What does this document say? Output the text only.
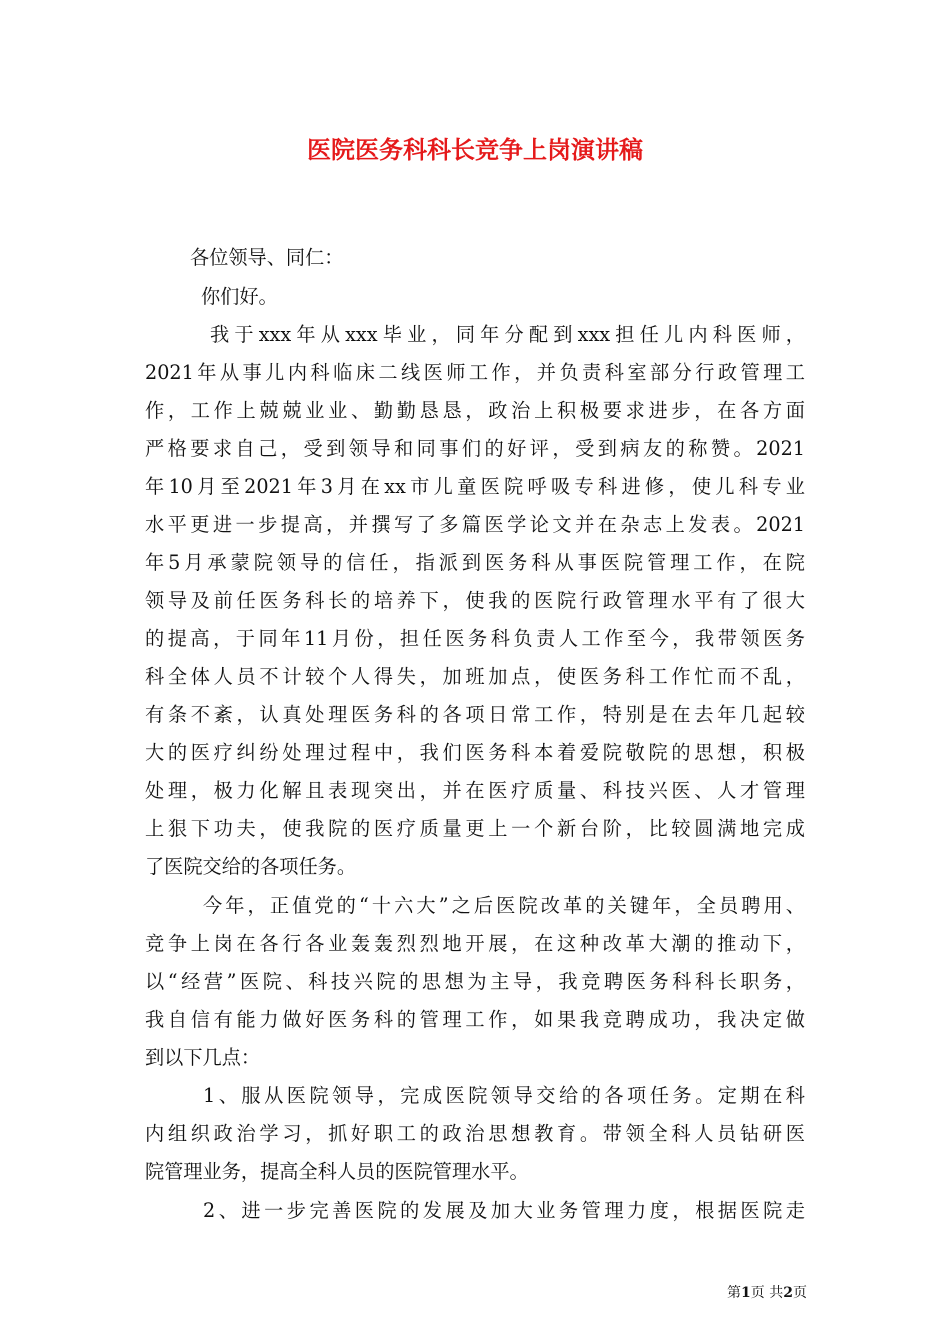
医院医务科科长竞争上岗演讲稿
各位领导、同仁：
你们好。
我于xxx年从xxx毕业，同年分配到xxx担任儿内科医师，
2021年从事儿内科临床二线医师工作，并负责科室部分行政管理工
作，工作上兢兢业业、勤勤恳恳，政治上积极要求进步，在各方面
严格要求自己，受到领导和同事们的好评，受到病友的称赞。2021
年10月至2021年3月在xx市儿童医院呼吸专科进修，使儿科专业
水平更进一步提高，并撰写了多篇医学论文并在杂志上发表。2021
年5月承蒙院领导的信任，指派到医务科从事医院管理工作，在院
领导及前任医务科长的培养下，使我的医院行政管理水平有了很大
的提高，于同年11月份，担任医务科负责人工作至今，我带领医务
科全体人员不计较个人得失，加班加点，使医务科工作忙而不乱，
有条不紊，认真处理医务科的各项日常工作，特别是在去年几起较
大的医疗纠纷处理过程中，我们医务科本着爱院敬院的思想，积极
处理，极力化解且表现突出，并在医疗质量、科技兴医、人才管理
上狠下功夫，使我院的医疗质量更上一个新台阶，比较圆满地完成
了医院交给的各项任务。
今年，正值党的“十六大”之后医院改革的关键年，全员聘用、
竞争上岗在各行各业轰轰烈烈地开展，在这种改革大潮的推动下，
以“经营”医院、科技兴院的思想为主导，我竞聘医务科科长职务，
我自信有能力做好医务科的管理工作，如果我竞聘成功，我决定做
到以下几点：
1、服从医院领导，完成医院领导交给的各项任务。定期在科
内组织政治学习，抓好职工的政治思想教育。带领全科人员钻研医
院管理业务，提高全科人员的医院管理水平。
2、进一步完善医院的发展及加大业务管理力度，根据医院走
第1页 共2页
